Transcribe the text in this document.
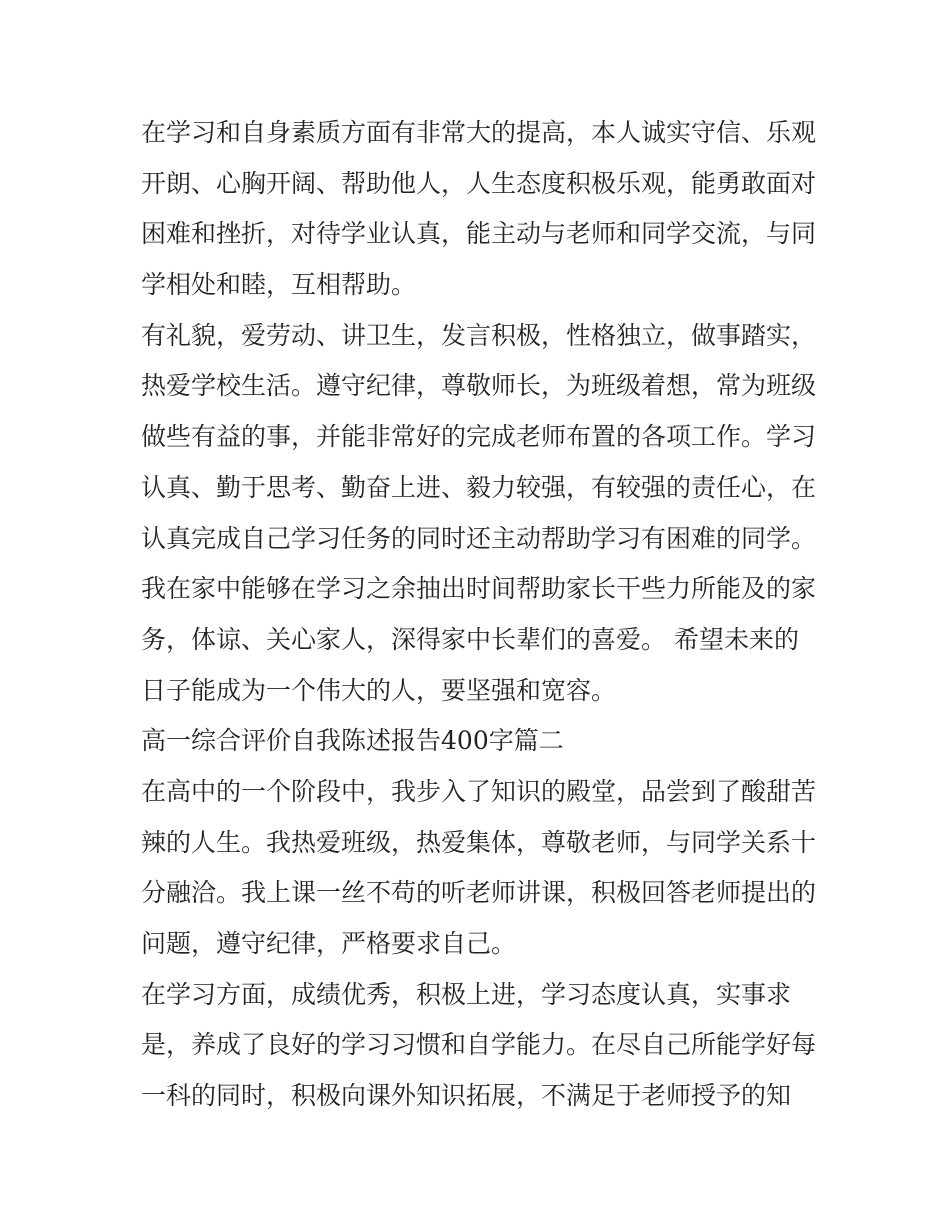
在学习和自身素质方面有非常大的提高，本人诚实守信、乐观
开朗、心胸开阔、帮助他人，人生态度积极乐观，能勇敢面对
困难和挫折，对待学业认真，能主动与老师和同学交流，与同
学相处和睦，互相帮助。
有礼貌，爱劳动、讲卫生，发言积极，性格独立，做事踏实，
热爱学校生活。遵守纪律，尊敬师长，为班级着想，常为班级
做些有益的事，并能非常好的完成老师布置的各项工作。学习
认真、勤于思考、勤奋上进、毅力较强，有较强的责任心，在
认真完成自己学习任务的同时还主动帮助学习有困难的同学。
我在家中能够在学习之余抽出时间帮助家长干些力所能及的家
务，体谅、关心家人，深得家中长辈们的喜爱。 希望未来的
日子能成为一个伟大的人，要坚强和宽容。
高一综合评价自我陈述报告400字篇二
在高中的一个阶段中，我步入了知识的殿堂，品尝到了酸甜苦
辣的人生。我热爱班级，热爱集体，尊敬老师，与同学关系十
分融洽。我上课一丝不苟的听老师讲课，积极回答老师提出的
问题，遵守纪律，严格要求自己。
在学习方面，成绩优秀，积极上进，学习态度认真，实事求
是，养成了良好的学习习惯和自学能力。在尽自己所能学好每
一科的同时，积极向课外知识拓展，不满足于老师授予的知
